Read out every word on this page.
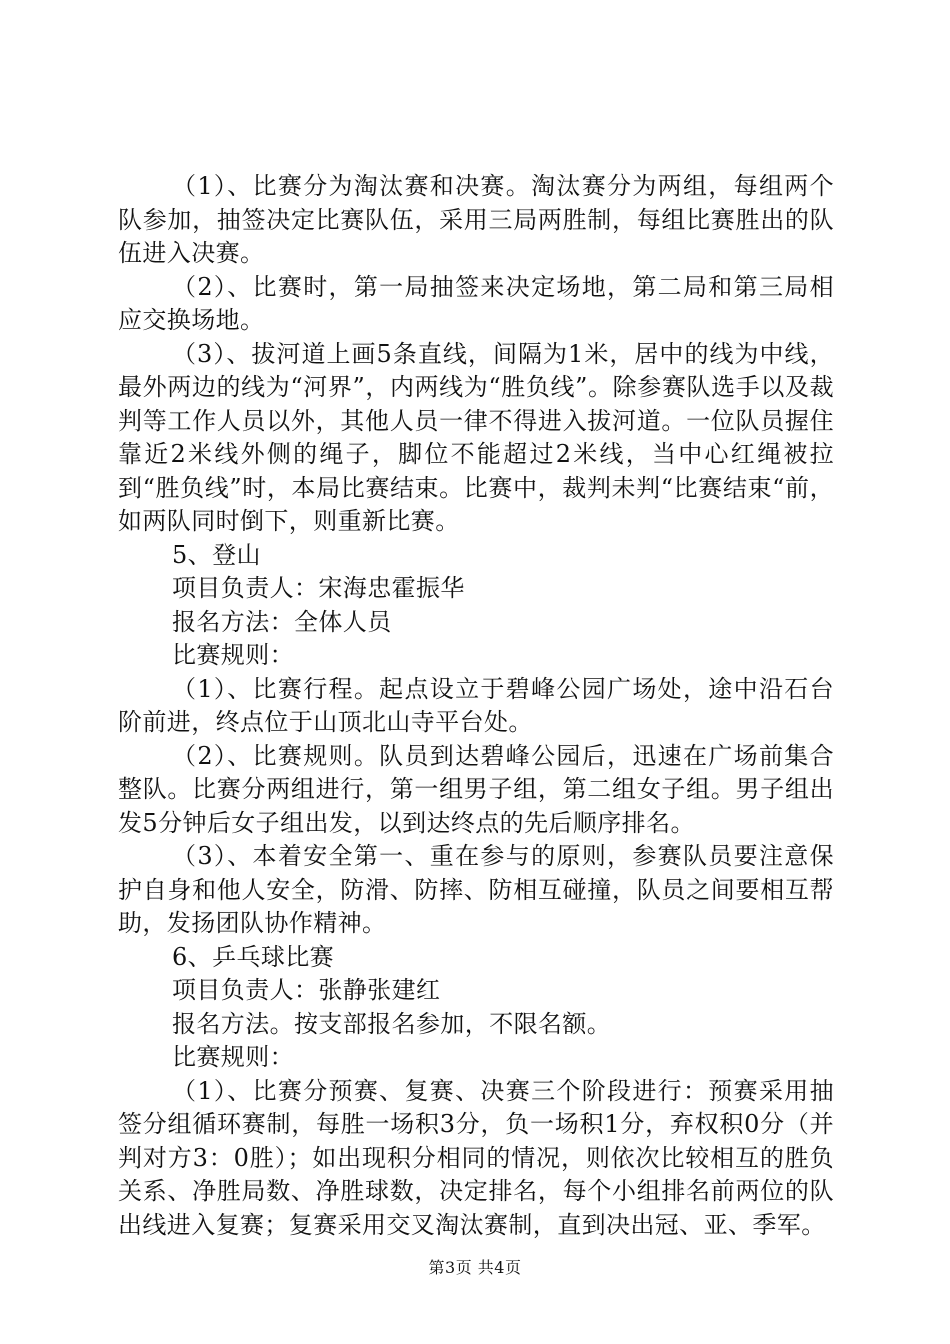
（1）、比赛分为淘汰赛和决赛。淘汰赛分为两组，每组两个队参加，抽签决定比赛队伍，采用三局两胜制，每组比赛胜出的队伍进入决赛。

（2）、比赛时，第一局抽签来决定场地，第二局和第三局相应交换场地。

（3）、拔河道上画5条直线，间隔为1米，居中的线为中线，最外两边的线为“河界”，内两线为“胜负线”。除参赛队选手以及裁判等工作人员以外，其他人员一律不得进入拔河道。一位队员握住靠近2米线外侧的绳子，脚位不能超过2米线，当中心红绳被拉到“胜负线”时，本局比赛结束。比赛中，裁判未判“比赛结束“前，如两队同时倒下，则重新比赛。

5、登山

项目负责人：宋海忠霍振华

报名方法：全体人员

比赛规则：

（1）、比赛行程。起点设立于碧峰公园广场处，途中沿石台阶前进，终点位于山顶北山寺平台处。

（2）、比赛规则。队员到达碧峰公园后，迅速在广场前集合整队。比赛分两组进行，第一组男子组，第二组女子组。男子组出发5分钟后女子组出发，以到达终点的先后顺序排名。

（3）、本着安全第一、重在参与的原则，参赛队员要注意保护自身和他人安全，防滑、防摔、防相互碰撞，队员之间要相互帮助，发扬团队协作精神。

6、乒乓球比赛

项目负责人：张静张建红

报名方法。按支部报名参加，不限名额。

比赛规则：

（1）、比赛分预赛、复赛、决赛三个阶段进行：预赛采用抽签分组循环赛制，每胜一场积3分，负一场积1分，弃权积0分（并判对方3：0胜）；如出现积分相同的情况，则依次比较相互的胜负关系、净胜局数、净胜球数，决定排名，每个小组排名前两位的队出线进入复赛；复赛采用交叉淘汰赛制，直到决出冠、亚、季军。

第3页 共4页
